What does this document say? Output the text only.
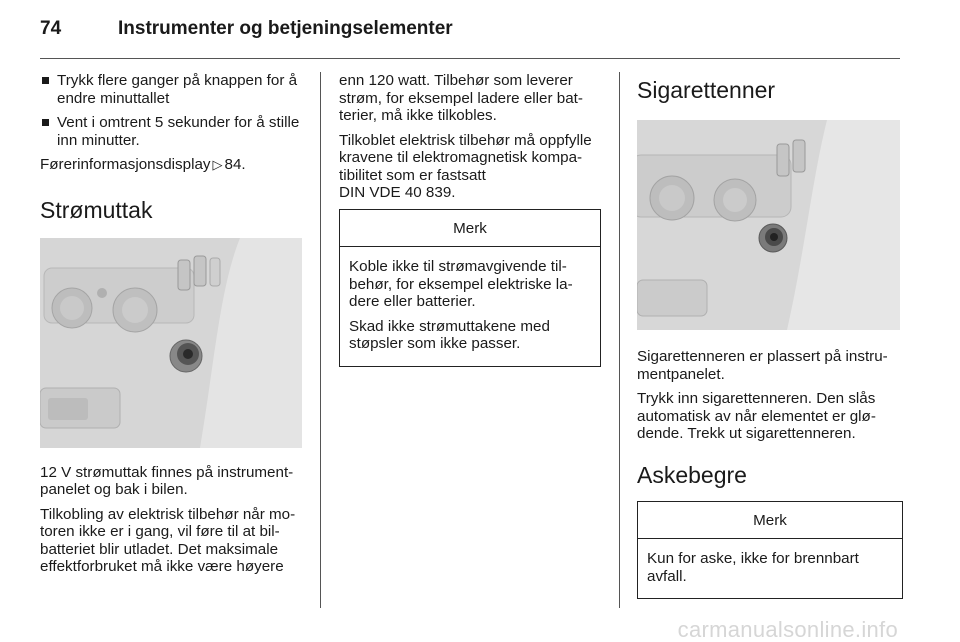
74	Instrumenter og betjeningselementer
Trykk flere ganger på knappen for å endre minuttallet
Vent i omtrent 5 sekunder for å stille inn minutter.

Førerinformasjonsdisplay ▷ 84.

Strømuttak

12 V strømuttak finnes på instrumentpanelet og bak i bilen.

Tilkobling av elektrisk tilbehør når motoren ikke er i gang, vil føre til at bilbatteriet blir utladet. Det maksimale effektforbruket må ikke være høyere

enn 120 watt. Tilbehør som leverer strøm, for eksempel ladere eller batterier, må ikke tilkobles.

Tilkoblet elektrisk tilbehør må oppfylle kravene til elektromagnetisk kompatibilitet som er fastsatt
DIN VDE 40 839.

Merk

Koble ikke til strømavgivende tilbehør, for eksempel elektriske ladere eller batterier.

Skad ikke strømuttakene med støpsler som ikke passer.

Sigarettenner

Sigarettenneren er plassert på instrumentpanelet.

Trykk inn sigarettenneren. Den slås automatisk av når elementet er glødende. Trekk ut sigarettenneren.

Askebegre
Merk

Kun for aske, ikke for brennbart avfall.

carmanualsonline.info
